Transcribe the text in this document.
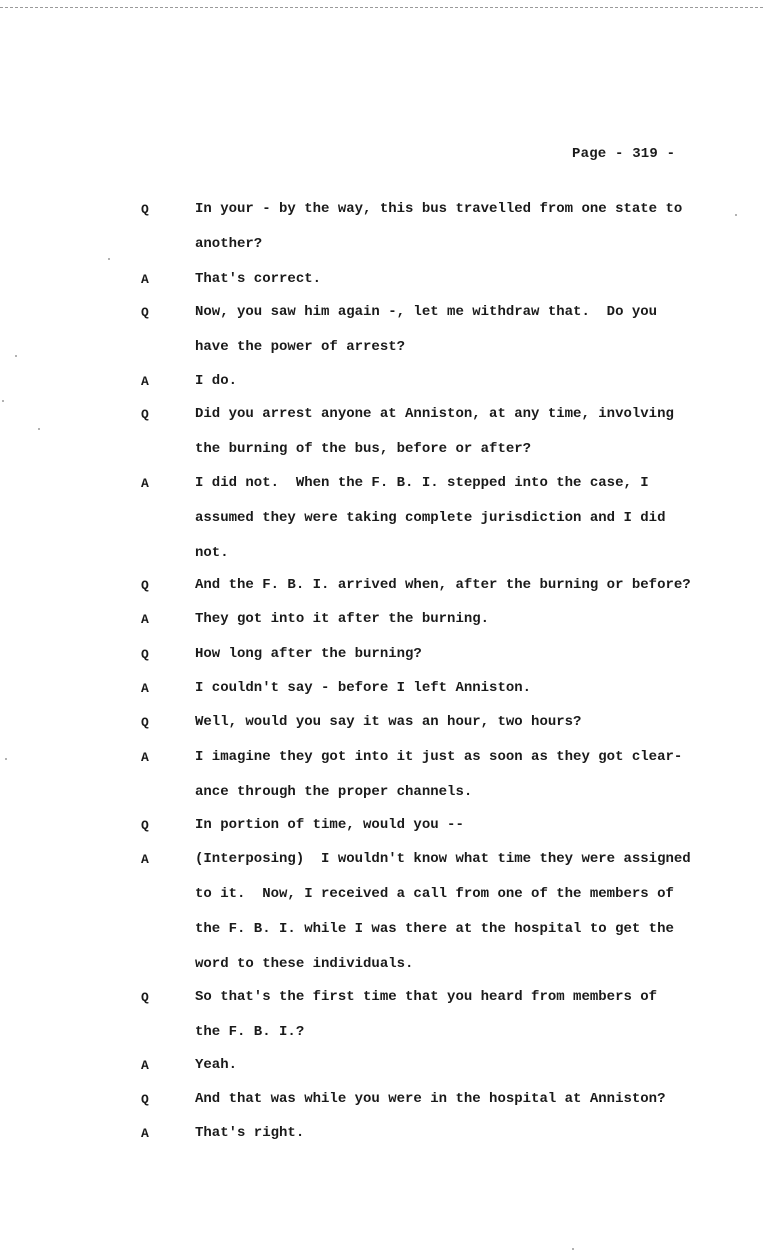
Page - 319 -
Q	In your - by the way, this bus travelled from one state to
another?
A	That's correct.
Q	Now, you saw him again -, let me withdraw that.  Do you
have the power of arrest?
A	I do.
Q	Did you arrest anyone at Anniston, at any time, involving
the burning of the bus, before or after?
A	I did not.  When the F. B. I. stepped into the case, I
assumed they were taking complete jurisdiction and I did
not.
Q	And the F. B. I. arrived when, after the burning or before?
A	They got into it after the burning.
Q	How long after the burning?
A	I couldn't say - before I left Anniston.
Q	Well, would you say it was an hour, two hours?
A	I imagine they got into it just as soon as they got clear-
ance through the proper channels.
Q	In portion of time, would you --
A	(Interposing)  I wouldn't know what time they were assigned
to it.  Now, I received a call from one of the members of
the F. B. I. while I was there at the hospital to get the
word to these individuals.
Q	So that's the first time that you heard from members of
the F. B. I.?
A	Yeah.
Q	And that was while you were in the hospital at Anniston?
A	That's right.
